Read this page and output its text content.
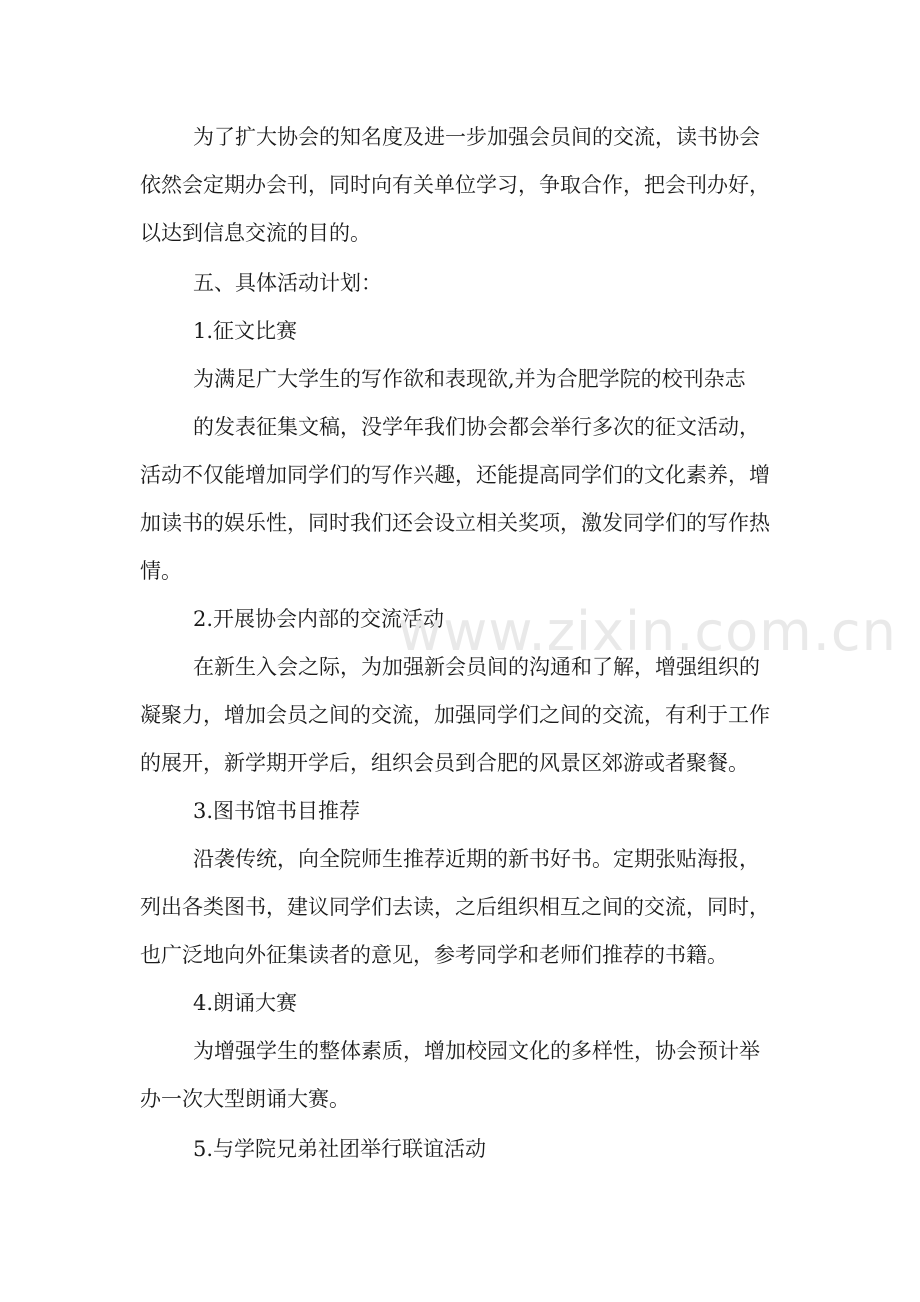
为了扩大协会的知名度及进一步加强会员间的交流，读书协会
依然会定期办会刊，同时向有关单位学习，争取合作，把会刊办好，
以达到信息交流的目的。
五、具体活动计划：
1.征文比赛
为满足广大学生的写作欲和表现欲,并为合肥学院的校刊杂志
的发表征集文稿，没学年我们协会都会举行多次的征文活动，
活动不仅能增加同学们的写作兴趣，还能提高同学们的文化素养，增
加读书的娱乐性，同时我们还会设立相关奖项，激发同学们的写作热
情。
2.开展协会内部的交流活动
在新生入会之际，为加强新会员间的沟通和了解，增强组织的
凝聚力，增加会员之间的交流，加强同学们之间的交流，有利于工作
的展开，新学期开学后，组织会员到合肥的风景区郊游或者聚餐。
3.图书馆书目推荐
沿袭传统，向全院师生推荐近期的新书好书。定期张贴海报，
列出各类图书，建议同学们去读，之后组织相互之间的交流，同时，
也广泛地向外征集读者的意见，参考同学和老师们推荐的书籍。
4.朗诵大赛
为增强学生的整体素质，增加校园文化的多样性，协会预计举
办一次大型朗诵大赛。
5.与学院兄弟社团举行联谊活动
www.zixin.com.cn
